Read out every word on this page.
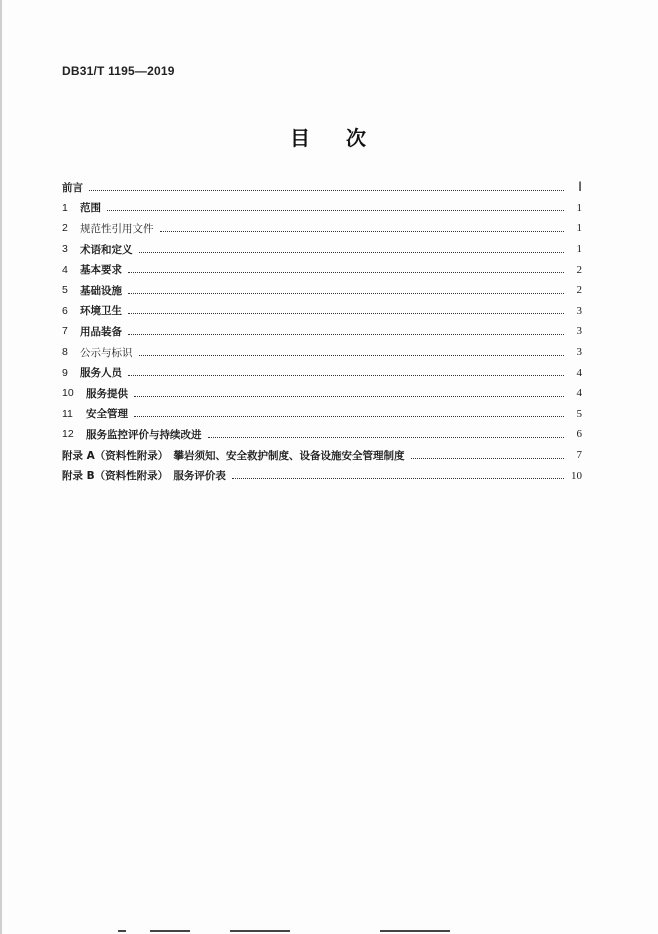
DB31/T 1195—2019
目 次
前言	Ⅰ
1	范围	1
2	规范性引用文件	1
3	术语和定义	1
4	基本要求	2
5	基础设施	2
6	环境卫生	3
7	用品装备	3
8	公示与标识	3
9	服务人员	4
10	服务提供	4
11	安全管理	5
12	服务监控评价与持续改进	6
附录 A（资料性附录）　攀岩须知、安全救护制度、设备设施安全管理制度	7
附录 B（资料性附录）　服务评价表	10
